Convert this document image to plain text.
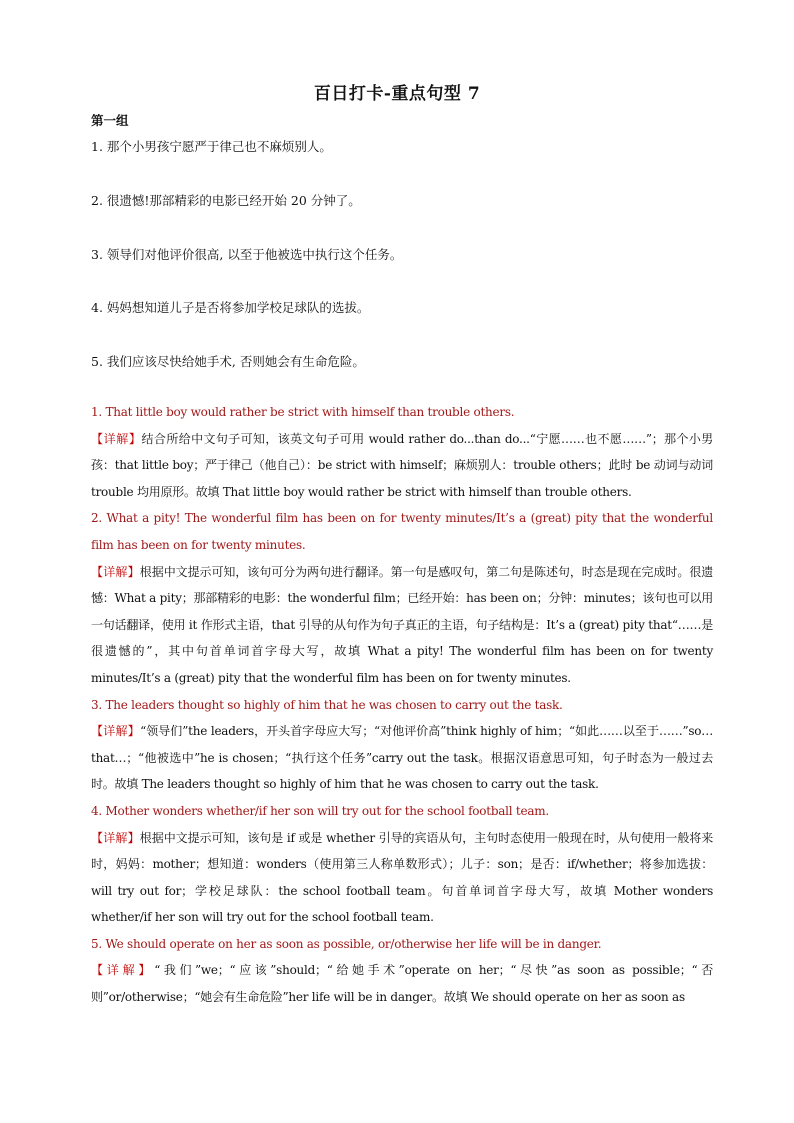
百日打卡-重点句型 7
第一组
1. 那个小男孩宁愿严于律己也不麻烦别人。
2. 很遗憾!那部精彩的电影已经开始 20 分钟了。
3. 领导们对他评价很高, 以至于他被选中执行这个任务。
4. 妈妈想知道儿子是否将参加学校足球队的选拔。
5. 我们应该尽快给她手术, 否则她会有生命危险。

1. That little boy would rather be strict with himself than trouble others.

【详解】结合所给中文句子可知，该英文句子可用 would rather do...than do...“宁愿……也不愿……”；那个小男孩：that little boy；严于律己（他自己）：be strict with himself；麻烦别人：trouble others；此时 be 动词与动词 trouble 均用原形。故填 That little boy would rather be strict with himself than trouble others.

2. What a pity! The wonderful film has been on for twenty minutes/It’s a (great) pity that the wonderful film has been on for twenty minutes.

【详解】根据中文提示可知，该句可分为两句进行翻译。第一句是感叹句，第二句是陈述句，时态是现在完成时。很遗憾：What a pity；那部精彩的电影：the wonderful film；已经开始：has been on；分钟：minutes；该句也可以用一句话翻译，使用 it 作形式主语，that 引导的从句作为句子真正的主语，句子结构是：It’s a (great) pity that“……是很遗憾的”，其中句首单词首字母大写，故填 What a pity! The wonderful film has been on for twenty minutes/It’s a (great) pity that the wonderful film has been on for twenty minutes.

3. The leaders thought so highly of him that he was chosen to carry out the task.

【详解】“领导们”the leaders，开头首字母应大写；“对他评价高”think highly of him；“如此……以至于……”so…that…；“他被选中”he is chosen；“执行这个任务”carry out the task。根据汉语意思可知，句子时态为一般过去时。故填 The leaders thought so highly of him that he was chosen to carry out the task.

4. Mother wonders whether/if her son will try out for the school football team.

【详解】根据中文提示可知，该句是 if 或是 whether 引导的宾语从句，主句时态使用一般现在时，从句使用一般将来时，妈妈：mother；想知道：wonders（使用第三人称单数形式）；儿子：son；是否：if/whether；将参加选拔：will try out for；学校足球队：the school football team。句首单词首字母大写，故填 Mother wonders whether/if her son will try out for the school football team.

5. We should operate on her as soon as possible, or/otherwise her life will be in danger.

【详解】“我们”we；“应该”should；“给她手术”operate on her；“尽快”as soon as possible；“否则”or/otherwise；“她会有生命危险”her life will be in danger。故填 We should operate on her as soon as
